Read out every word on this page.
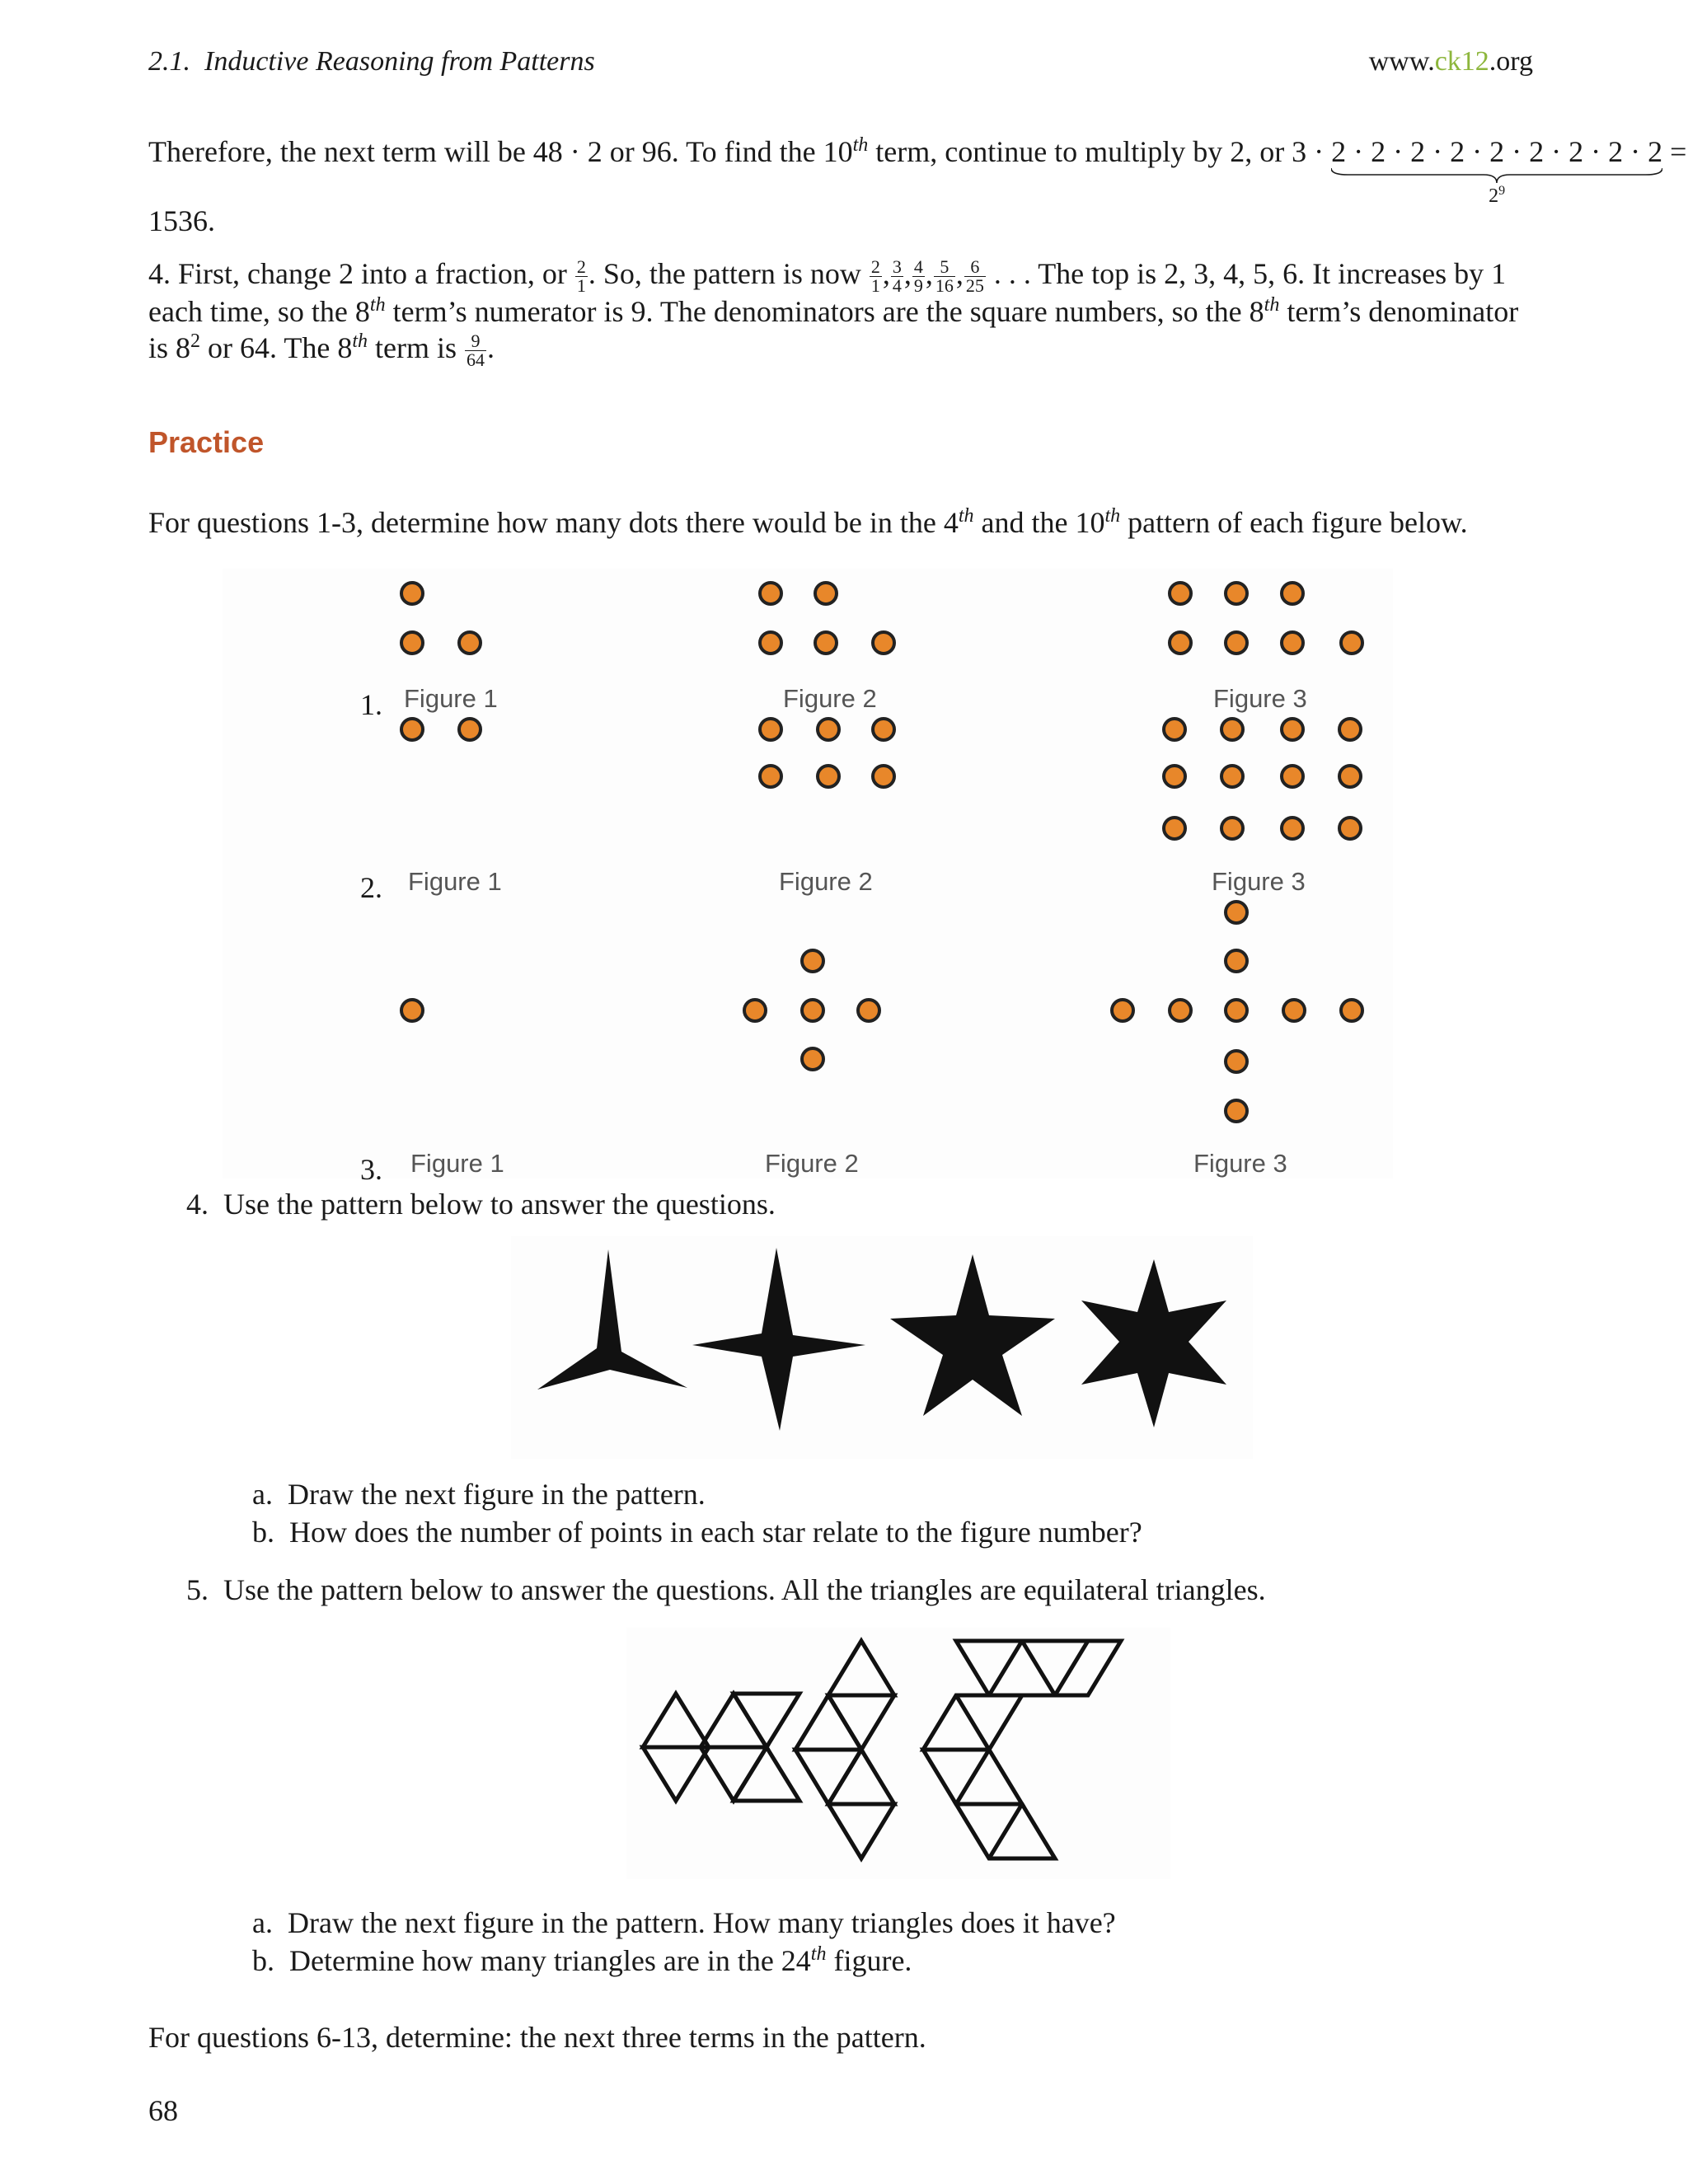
2.1. Inductive Reasoning from Patterns	www.ck12.org
Therefore, the next term will be 48 · 2 or 96. To find the 10th term, continue to multiply by 2, or 3 · 2 · 2 · 2 · 2 · 2 · 2 · 2 · 2 · 2
$2^9$
=
1536.
4. First, change 2 into a fraction, or $\frac{2}{1}$ . So, the pattern is now $\frac{2}{1}$ , $\frac{3}{4}$ , $\frac{4}{9}$ , $\frac{5}{16}$ , $\frac{6}{25}$ . . . The top is 2, 3, 4, 5, 6. It increases by 1
each time, so the 8th term’s numerator is 9. The denominators are the square numbers, so the 8th term’s denominator
is $8^2$ or 64. The 8th term is $\frac{9}{64}$ .
Practice
For questions 1-3, determine how many dots there would be in the 4th and the 10th pattern of each figure below.
1. Figure 1	Figure 2	Figure 3
2. Figure 1	Figure 2	Figure 3
3. Figure 1	Figure 2	Figure 3
4. Use the pattern below to answer the questions.
a. Draw the next figure in the pattern.
b. How does the number of points in each star relate to the figure number?
5. Use the pattern below to answer the questions. All the triangles are equilateral triangles.
a. Draw the next figure in the pattern. How many triangles does it have?
b. Determine how many triangles are in the 24th figure.
For questions 6-13, determine: the next three terms in the pattern.
68
